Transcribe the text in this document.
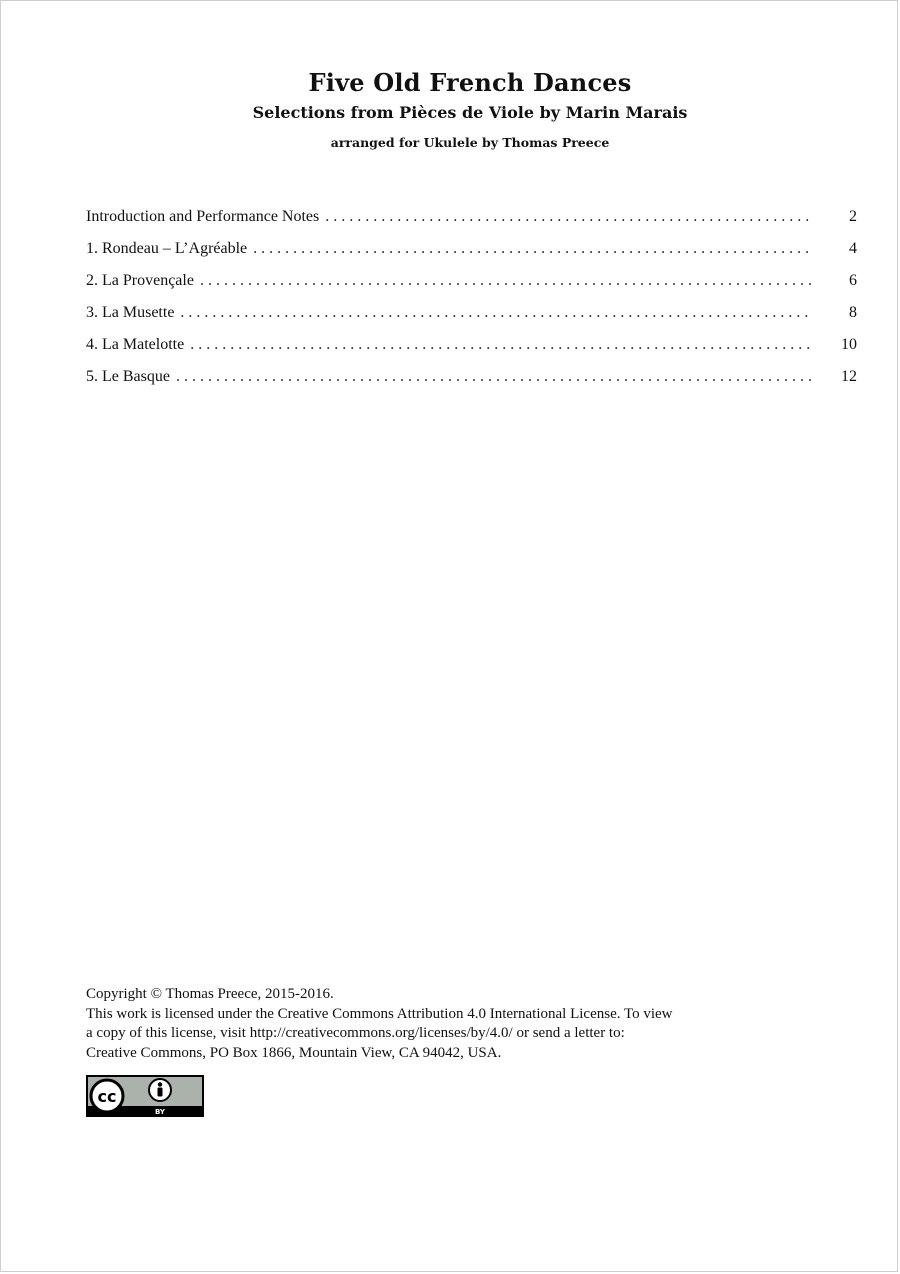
Five Old French Dances
Selections from Pièces de Viole by Marin Marais
arranged for Ukulele by Thomas Preece
Introduction and Performance Notes . . .	2
1. Rondeau – L’Agréable . . .	4
2. La Provençale . . .	6
3. La Musette . . .	8
4. La Matelotte . . .	10
5. Le Basque . . .	12
Copyright © Thomas Preece, 2015-2016.
This work is licensed under the Creative Commons Attribution 4.0 International License. To view
a copy of this license, visit http://creativecommons.org/licenses/by/4.0/ or send a letter to:
Creative Commons, PO Box 1866, Mountain View, CA 94042, USA.
cc
BY
